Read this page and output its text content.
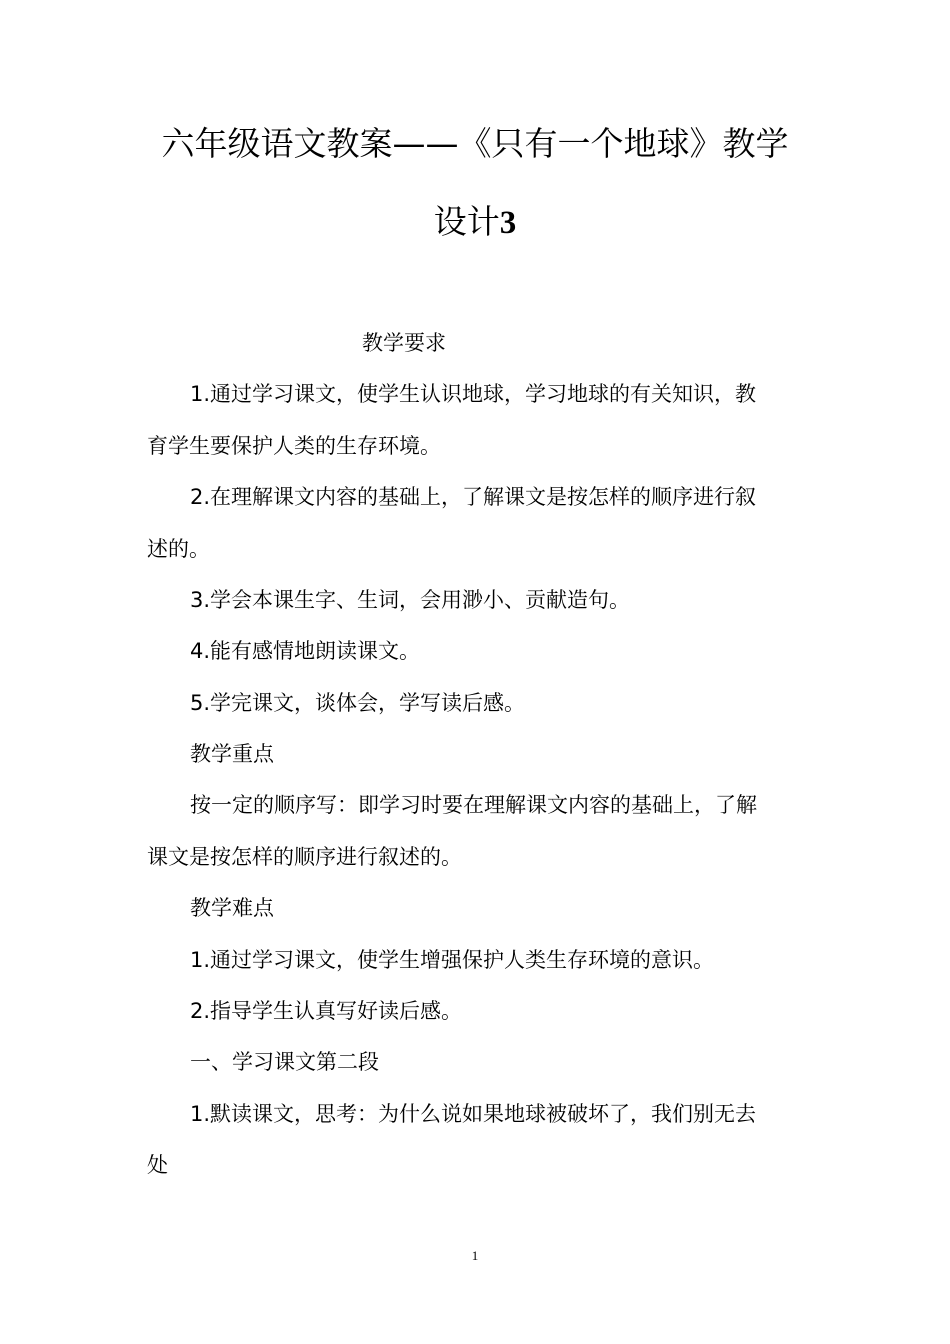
六年级语文教案——《只有一个地球》教学
设计3
教学要求
1.通过学习课文，使学生认识地球，学习地球的有关知识，教
育学生要保护人类的生存环境。
2.在理解课文内容的基础上，了解课文是按怎样的顺序进行叙
述的。
3.学会本课生字、生词，会用渺小、贡献造句。
4.能有感情地朗读课文。
5.学完课文，谈体会，学写读后感。
教学重点
按一定的顺序写：即学习时要在理解课文内容的基础上，了解
课文是按怎样的顺序进行叙述的。
教学难点
1.通过学习课文，使学生增强保护人类生存环境的意识。
2.指导学生认真写好读后感。
一、学习课文第二段
1.默读课文，思考：为什么说如果地球被破坏了，我们别无去
处
1
